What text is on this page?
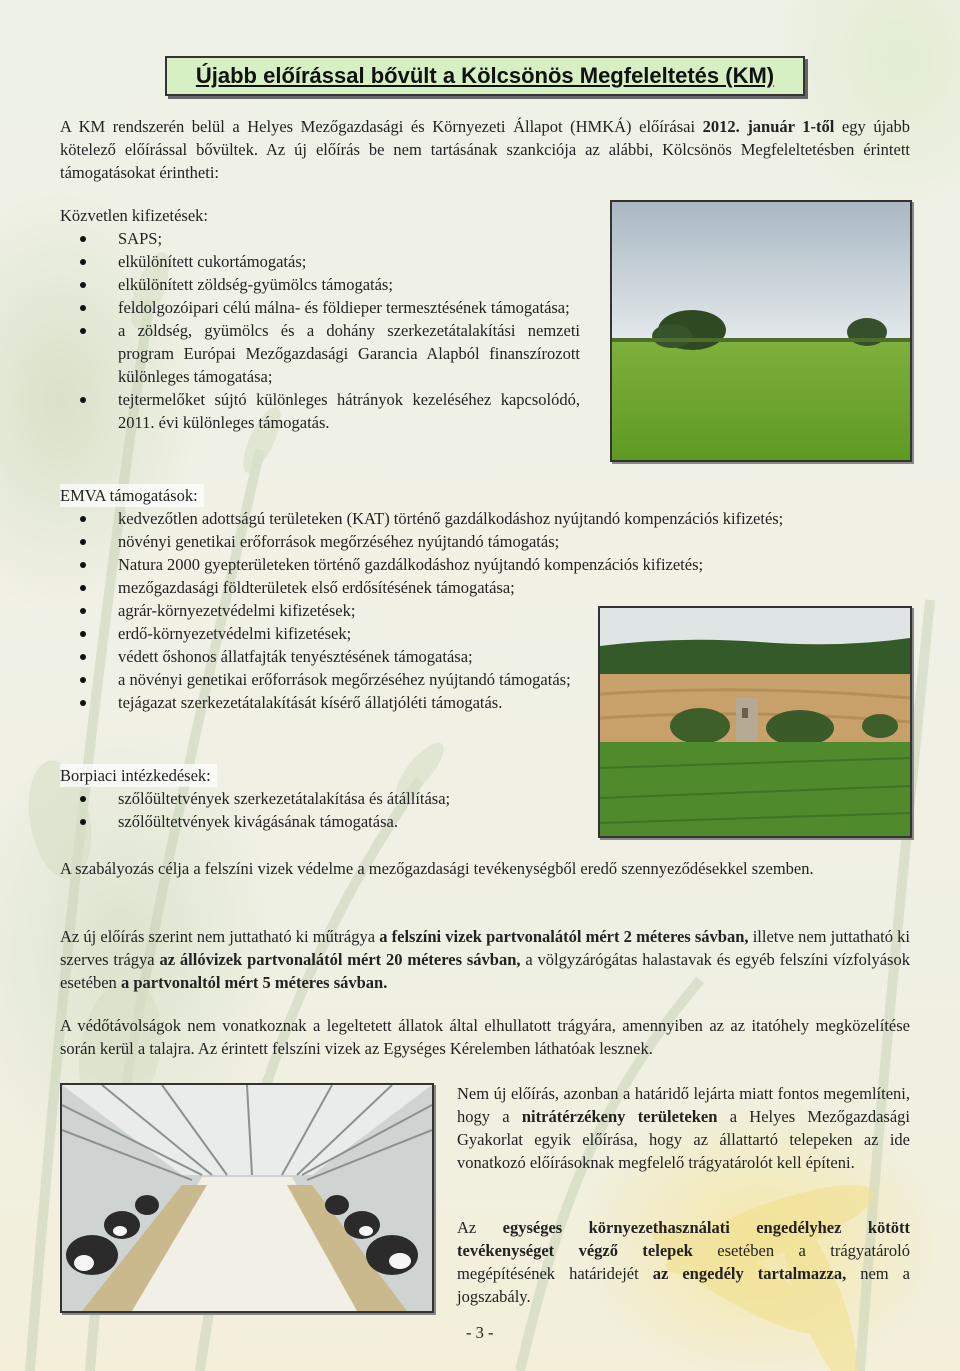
Újabb előírással bővült a Kölcsönös Megfeleltetés (KM)

A KM rendszerén belül a Helyes Mezőgazdasági és Környezeti Állapot (HMKÁ) előírásai 2012. január 1-től egy újabb kötelező előírással bővültek. Az új előírás be nem tartásának szankciója az alábbi, Kölcsönös Megfeleltetésben érintett támogatásokat érintheti:

Közvetlen kifizetések:
SAPS;
elkülönített cukortámogatás;
elkülönített zöldség-gyümölcs támogatás;
feldolgozóipari célú málna- és földieper termesztésének támogatása;
a zöldség, gyümölcs és a dohány szerkezetátalakítási nemzeti program Európai Mezőgazdasági Garancia Alapból finanszírozott különleges támogatása;
tejtermelőket sújtó különleges hátrányok kezeléséhez kapcsolódó, 2011. évi különleges támogatás.
EMVA támogatások:
kedvezőtlen adottságú területeken (KAT) történő gazdálkodáshoz nyújtandó kompenzációs kifizetés;
növényi genetikai erőforrások megőrzéséhez nyújtandó támogatás;
Natura 2000 gyepterületeken történő gazdálkodáshoz nyújtandó kompenzációs kifizetés;
mezőgazdasági földterületek első erdősítésének támogatása;
agrár-környezetvédelmi kifizetések;
erdő-környezetvédelmi kifizetések;
védett őshonos állatfajták tenyésztésének támogatása;
a növényi genetikai erőforrások megőrzéséhez nyújtandó támogatás;
tejágazat szerkezetátalakítását kísérő állatjóléti támogatás.
Borpiaci intézkedések:
szőlőültetvények szerkezetátalakítása és átállítása;
szőlőültetvények kivágásának támogatása.

A szabályozás célja a felszíni vizek védelme a mezőgazdasági tevékenységből eredő szennyeződésekkel szemben.

Az új előírás szerint nem juttatható ki műtrágya a felszíni vizek partvonalától mért 2 méteres sávban, illetve nem juttatható ki szerves trágya az állóvizek partvonalától mért 20 méteres sávban, a völgyzárógátas halastavak és egyéb felszíni vízfolyások esetében a partvonaltól mért 5 méteres sávban.

A védőtávolságok nem vonatkoznak a legeltetett állatok által elhullatott trágyára, amennyiben az az itatóhely megközelítése során kerül a talajra. Az érintett felszíni vizek az Egységes Kérelemben láthatóak lesznek.

Nem új előírás, azonban a határidő lejárta miatt fontos megemlíteni, hogy a nitrátérzékeny területeken a Helyes Mezőgazdasági Gyakorlat egyik előírása, hogy az állattartó telepeken az ide vonatkozó előírásoknak megfelelő trágyatárolót kell építeni.

Az egységes környezethasználati engedélyhez kötött tevékenységet végző telepek esetében a trágyatároló megépítésének határidejét az engedély tartalmazza, nem a jogszabály.

- 3 -
